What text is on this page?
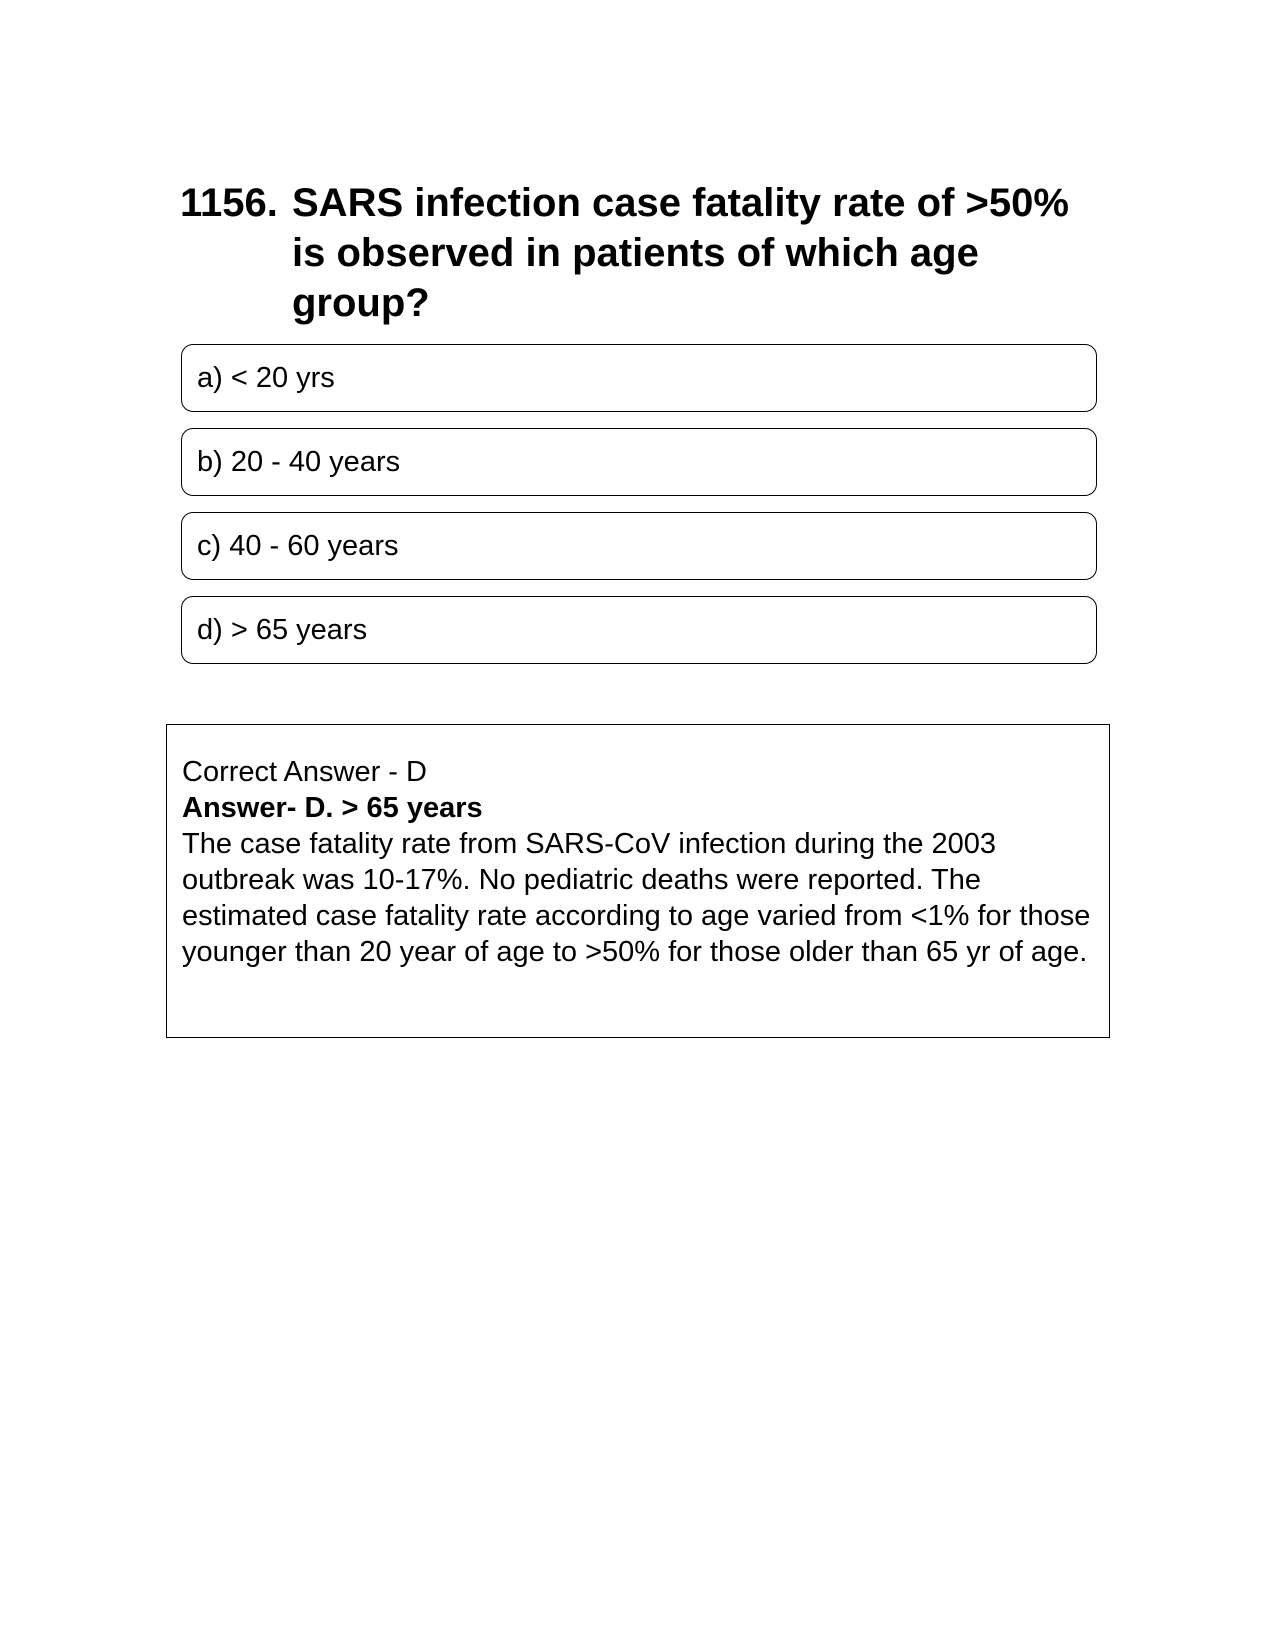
1156. SARS infection case fatality rate of >50% is observed in patients of which age group?
a) < 20 yrs
b) 20 - 40 years
c) 40 - 60 years
d) > 65 years
Correct Answer - D
Answer- D. > 65 years
The case fatality rate from SARS-CoV infection during the 2003 outbreak was 10-17%. No pediatric deaths were reported. The estimated case fatality rate according to age varied from <1% for those younger than 20 year of age to >50% for those older than 65 yr of age.
